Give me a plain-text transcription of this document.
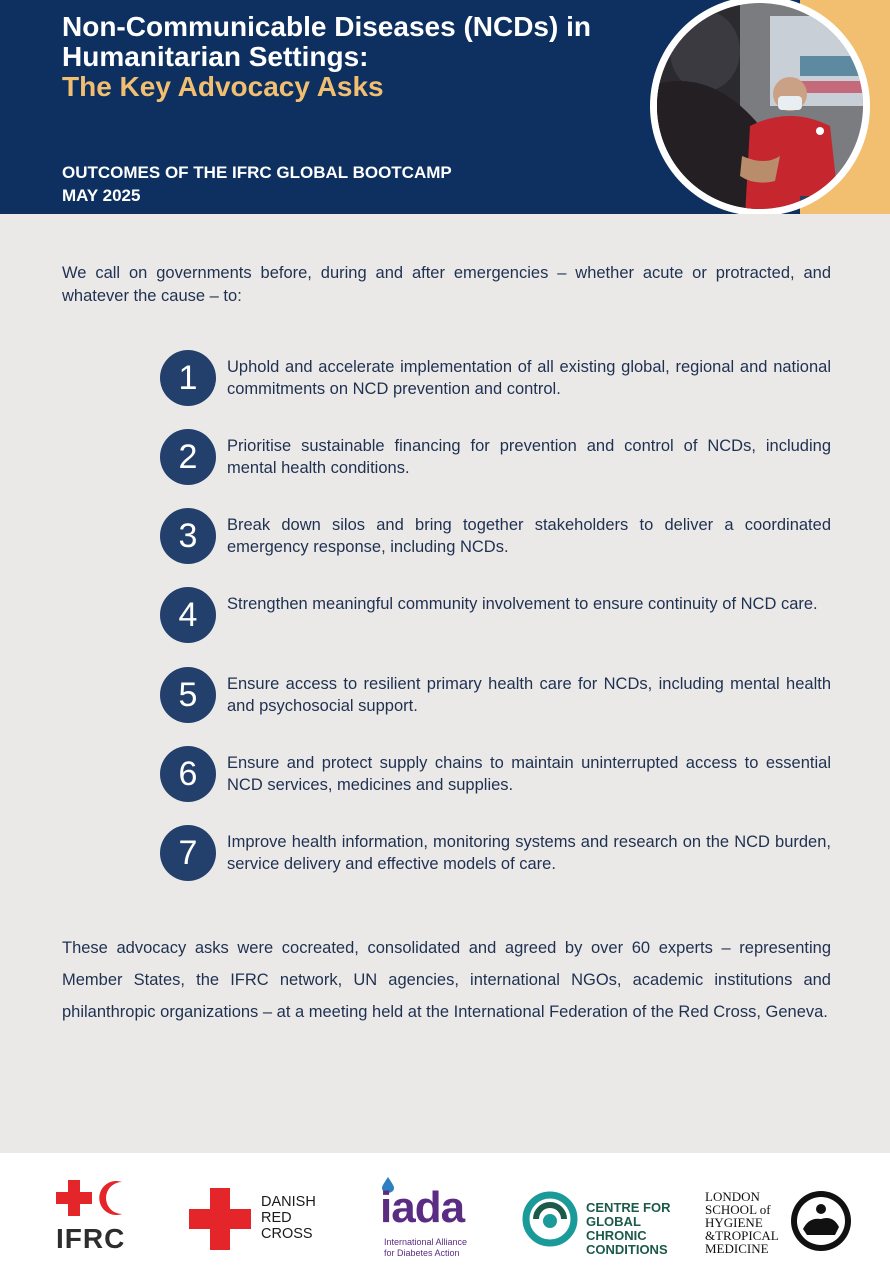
Non-Communicable Diseases (NCDs) in
Humanitarian Settings:
The Key Advocacy Asks
OUTCOMES OF THE IFRC GLOBAL BOOTCAMP
MAY 2025

We call on governments before, during and after emergencies – whether acute or protracted, and whatever the cause – to:

1	Uphold and accelerate implementation of all existing global, regional and national commitments on NCD prevention and control.

2	Prioritise sustainable financing for prevention and control of NCDs, including mental health conditions.

3	Break down silos and bring together stakeholders to deliver a coordinated emergency response, including NCDs.

4	Strengthen meaningful community involvement to ensure continuity of NCD care.

5	Ensure access to resilient primary health care for NCDs, including mental health and psychosocial support.

6	Ensure and protect supply chains to maintain uninterrupted access to essential NCD services, medicines and supplies.

7	Improve health information, monitoring systems and research on the NCD burden, service delivery and effective models of care.

These advocacy asks were cocreated, consolidated and agreed by over 60 experts – representing Member States, the IFRC network, UN agencies, international NGOs, academic institutions and philanthropic organizations – at a meeting held at the International Federation of the Red Cross, Geneva.

IFRC
DANISH
RED
CROSS
iada
International Alliance
for Diabetes Action
CENTRE FOR
GLOBAL CHRONIC
CONDITIONS
LONDON
SCHOOL of
HYGIENE
&TROPICAL
MEDICINE
